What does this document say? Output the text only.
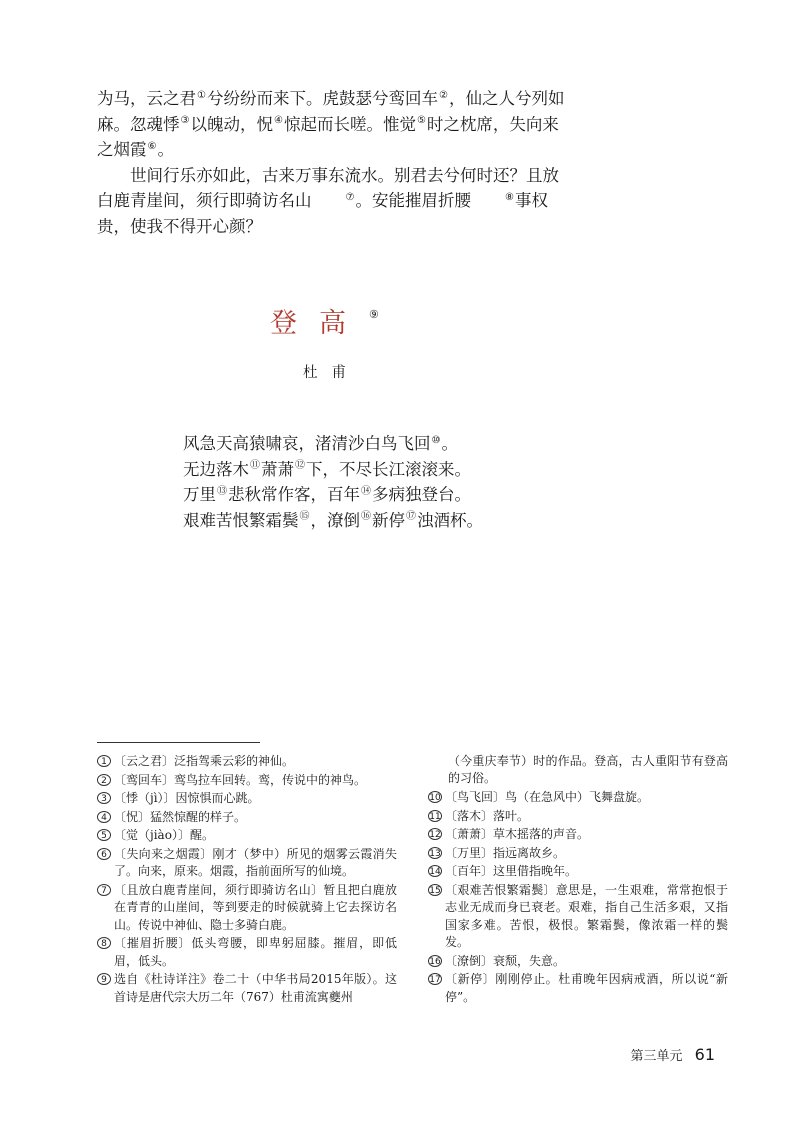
为马，云之君①兮纷纷而来下。虎鼓瑟兮鸾回车②，仙之人兮列如麻。忽魂悸③以魄动，怳④惊起而长嗟。惟觉⑤时之枕席，失向来之烟霞⑥。

世间行乐亦如此，古来万事东流水。别君去兮何时还？且放白鹿青崖间，须行即骑访名山	⑦。安能摧眉折腰	⑧事权贵，使我不得开心颜？

登高⑨
杜甫
风急天高猿啸哀，渚清沙白鸟飞回⑩。
无边落木⑪萧萧⑫下，不尽长江滚滚来。
万里⑬悲秋常作客，百年⑭多病独登台。
艰难苦恨繁霜鬓⑮，潦倒⑯新停⑰浊酒杯。
1 〔云之君〕泛指驾乘云彩的神仙。
2 〔鸾回车〕鸾鸟拉车回转。鸾，传说中的神鸟。
3 〔悸（jì）〕因惊惧而心跳。
4 〔怳〕猛然惊醒的样子。
5 〔觉（jiào）〕醒。
6 〔失向来之烟霞〕刚才（梦中）所见的烟雾云霞消失了。向来，原来。烟霞，指前面所写的仙境。
7 〔且放白鹿青崖间，须行即骑访名山〕暂且把白鹿放在青青的山崖间，等到要走的时候就骑上它去探访名山。传说中神仙、隐士多骑白鹿。
8 〔摧眉折腰〕低头弯腰，即卑躬屈膝。摧眉，即低眉，低头。
9 选自《杜诗详注》卷二十（中华书局2015年版）。这首诗是唐代宗大历二年（767）杜甫流寓夔州
（今重庆奉节）时的作品。登高，古人重阳节有登高的习俗。
10 〔鸟飞回〕鸟（在急风中）飞舞盘旋。
11 〔落木〕落叶。
12 〔萧萧〕草木摇落的声音。
13 〔万里〕指远离故乡。
14 〔百年〕这里借指晚年。
15 〔艰难苦恨繁霜鬓〕意思是，一生艰难，常常抱恨于志业无成而身已衰老。艰难，指自己生活多艰，又指国家多难。苦恨，极恨。繁霜鬓，像浓霜一样的鬓发。
16 〔潦倒〕衰颓，失意。
17 〔新停〕刚刚停止。杜甫晚年因病戒酒，所以说“新停”。
第三单元 61
